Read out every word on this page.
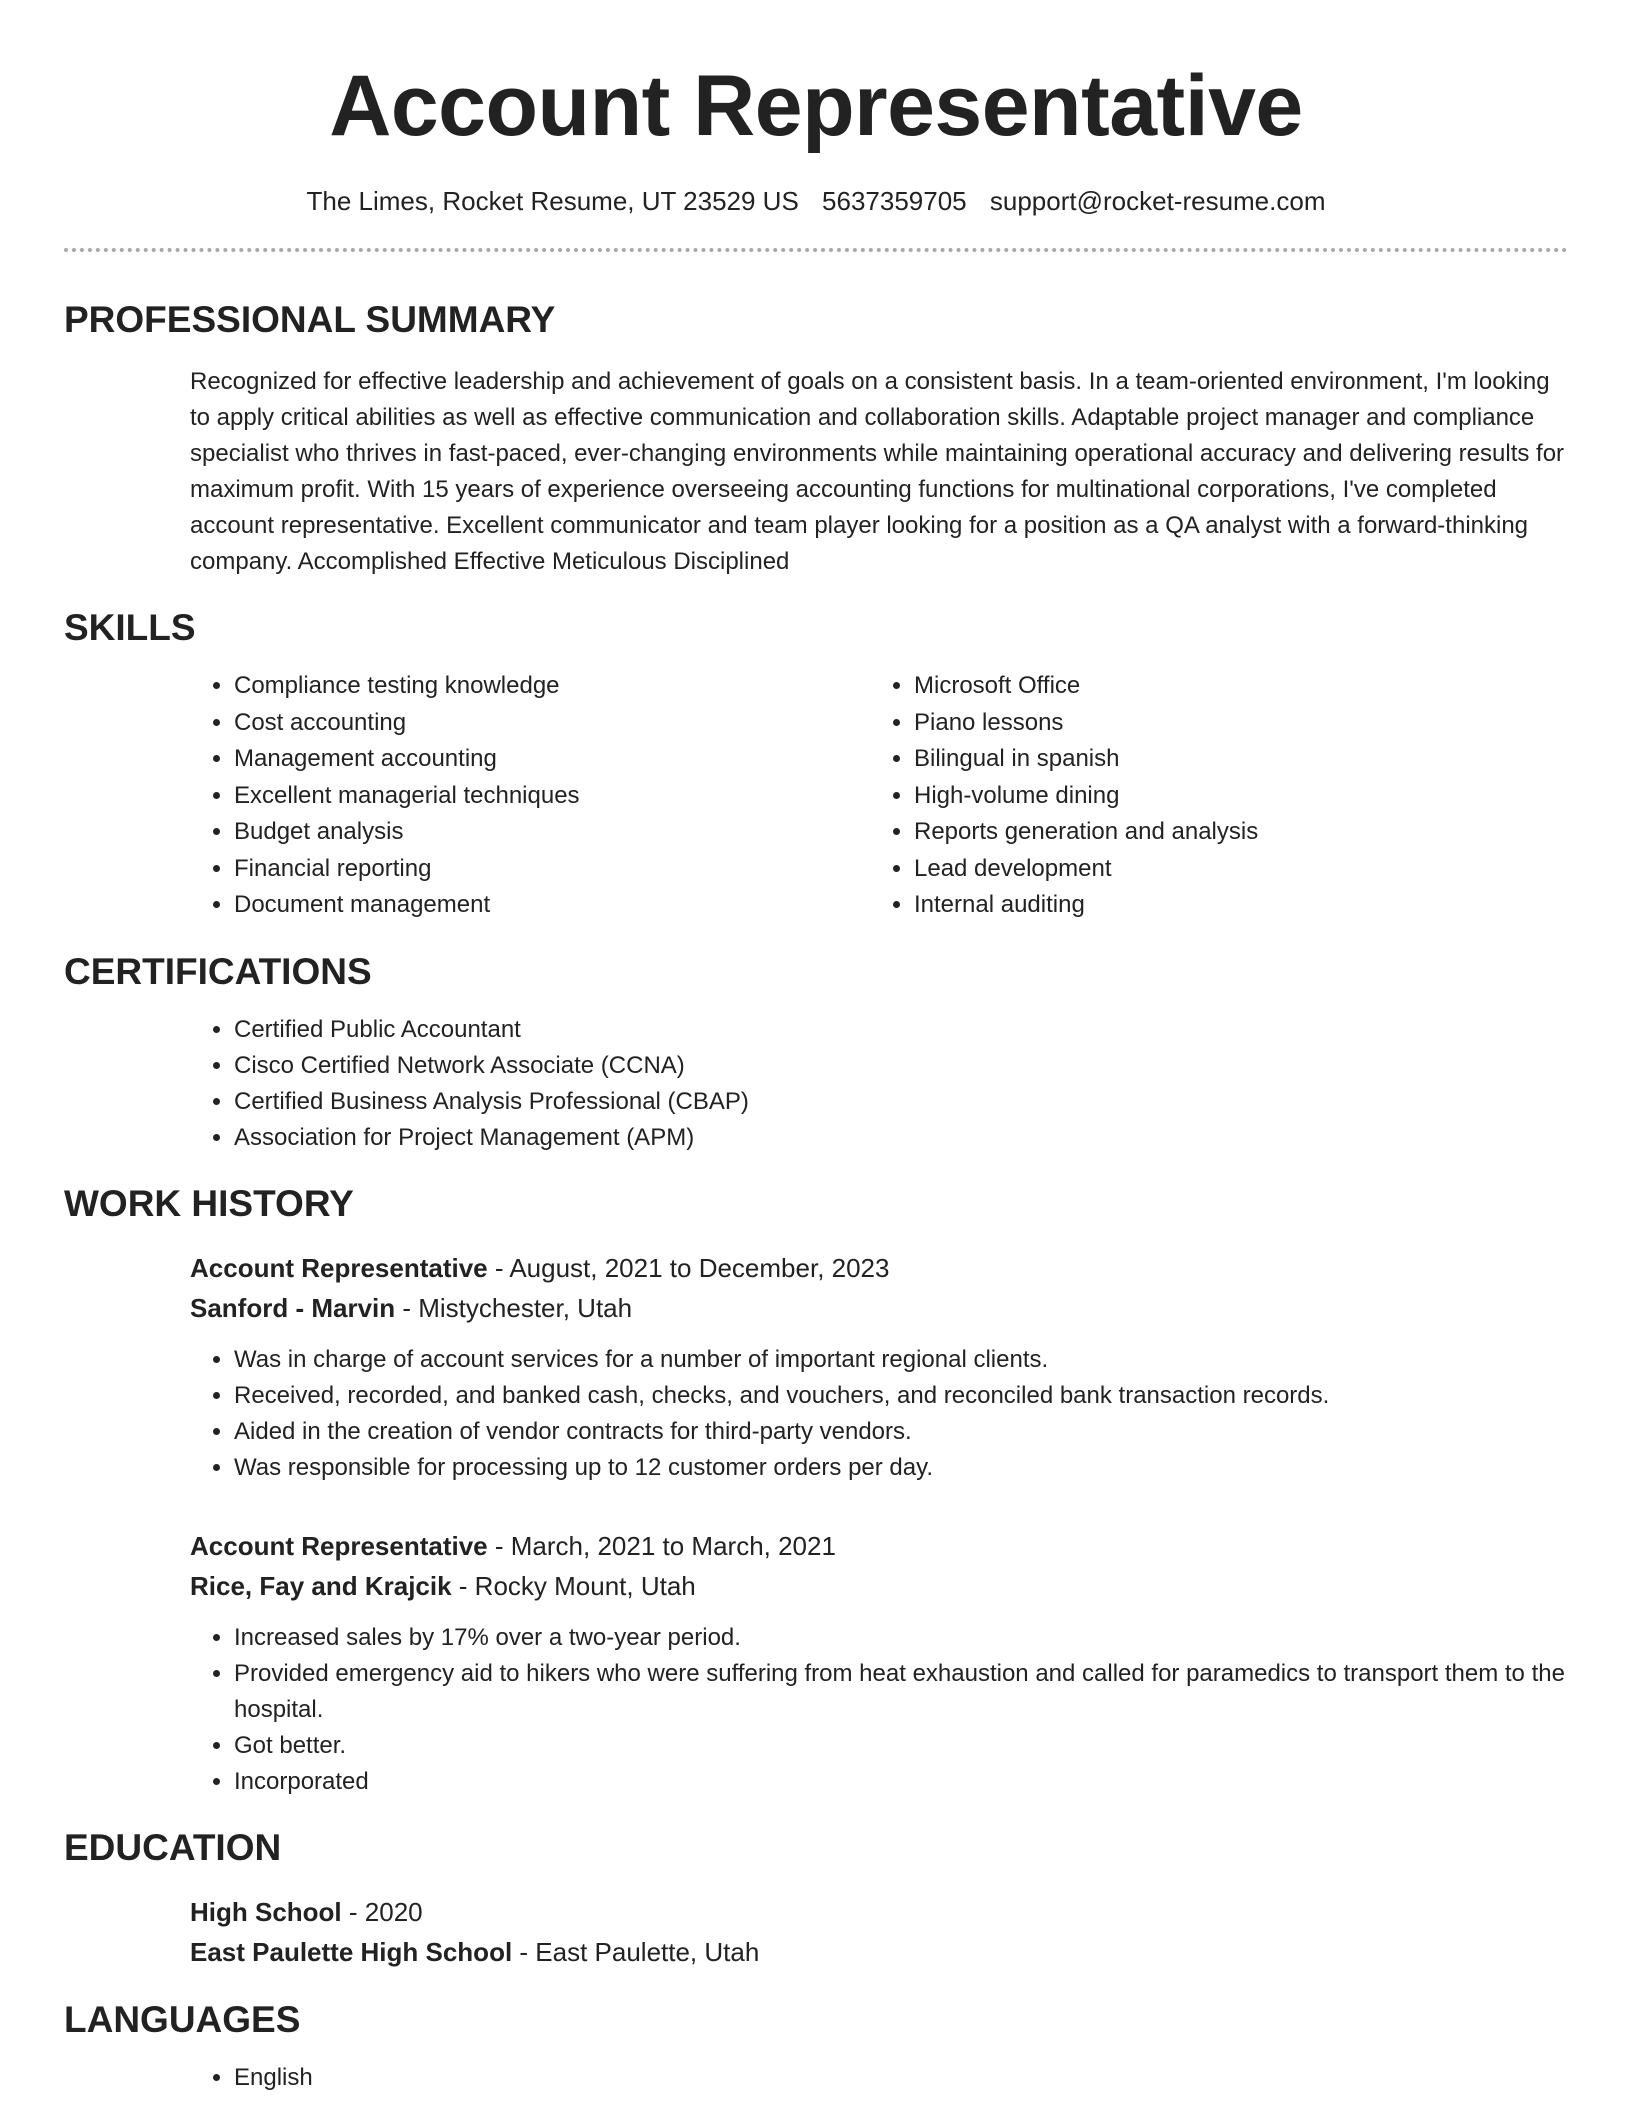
Account Representative
The Limes, Rocket Resume, UT 23529 US 5637359705 support@rocket-resume.com
PROFESSIONAL SUMMARY

Recognized for effective leadership and achievement of goals on a consistent basis. In a team-oriented environment, I'm looking to apply critical abilities as well as effective communication and collaboration skills. Adaptable project manager and compliance specialist who thrives in fast-paced, ever-changing environments while maintaining operational accuracy and delivering results for maximum profit. With 15 years of experience overseeing accounting functions for multinational corporations, I've completed account representative. Excellent communicator and team player looking for a position as a QA analyst with a forward-thinking company. Accomplished Effective Meticulous Disciplined

SKILLS
• Compliance testing knowledge
• Cost accounting
• Management accounting
• Excellent managerial techniques
• Budget analysis
• Financial reporting
• Document management
• Microsoft Office
• Piano lessons
• Bilingual in spanish
• High-volume dining
• Reports generation and analysis
• Lead development
• Internal auditing
CERTIFICATIONS
• Certified Public Accountant
• Cisco Certified Network Associate (CCNA)
• Certified Business Analysis Professional (CBAP)
• Association for Project Management (APM)
WORK HISTORY
Account Representative - August, 2021 to December, 2023
Sanford - Marvin - Mistychester, Utah
• Was in charge of account services for a number of important regional clients.
• Received, recorded, and banked cash, checks, and vouchers, and reconciled bank transaction records.
• Aided in the creation of vendor contracts for third-party vendors.
• Was responsible for processing up to 12 customer orders per day.
Account Representative - March, 2021 to March, 2021
Rice, Fay and Krajcik - Rocky Mount, Utah
• Increased sales by 17% over a two-year period.
• Provided emergency aid to hikers who were suffering from heat exhaustion and called for paramedics to transport them to the hospital.
• Got better.
• Incorporated
EDUCATION
High School - 2020
East Paulette High School - East Paulette, Utah
LANGUAGES
• English
